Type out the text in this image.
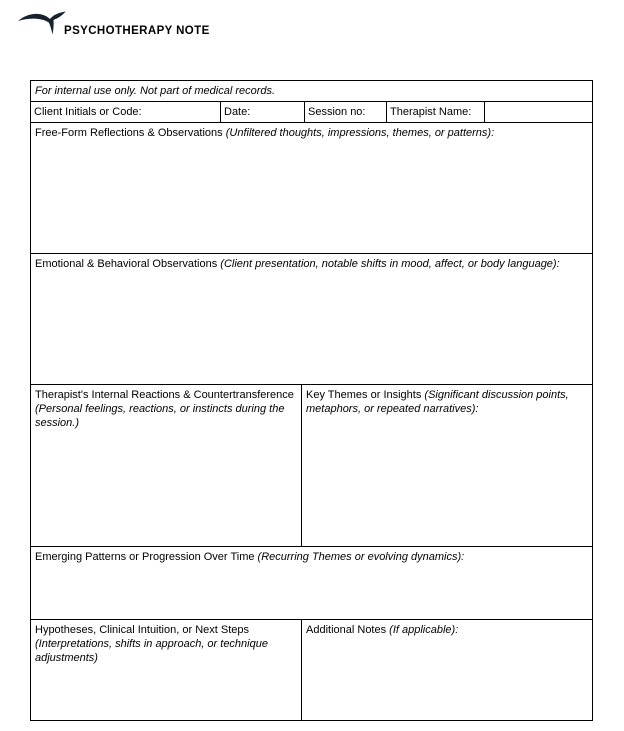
PSYCHOTHERAPY NOTE
For internal use only. Not part of medical records.
Client Initials or Code:	Date:	Session no: Therapist Name:
Free-Form Reflections & Observations (Unfiltered thoughts, impressions, themes, or patterns):
Emotional & Behavioral Observations (Client presentation, notable shifts in mood, affect, or body language):
Therapist's Internal Reactions & Countertransference (Personal feelings, reactions, or instincts during the session.)
Key Themes or Insights (Significant discussion points, metaphors, or repeated narratives):
Emerging Patterns or Progression Over Time (Recurring Themes or evolving dynamics):
Hypotheses, Clinical Intuition, or Next Steps (Interpretations, shifts in approach, or technique adjustments)
Additional Notes (If applicable):
